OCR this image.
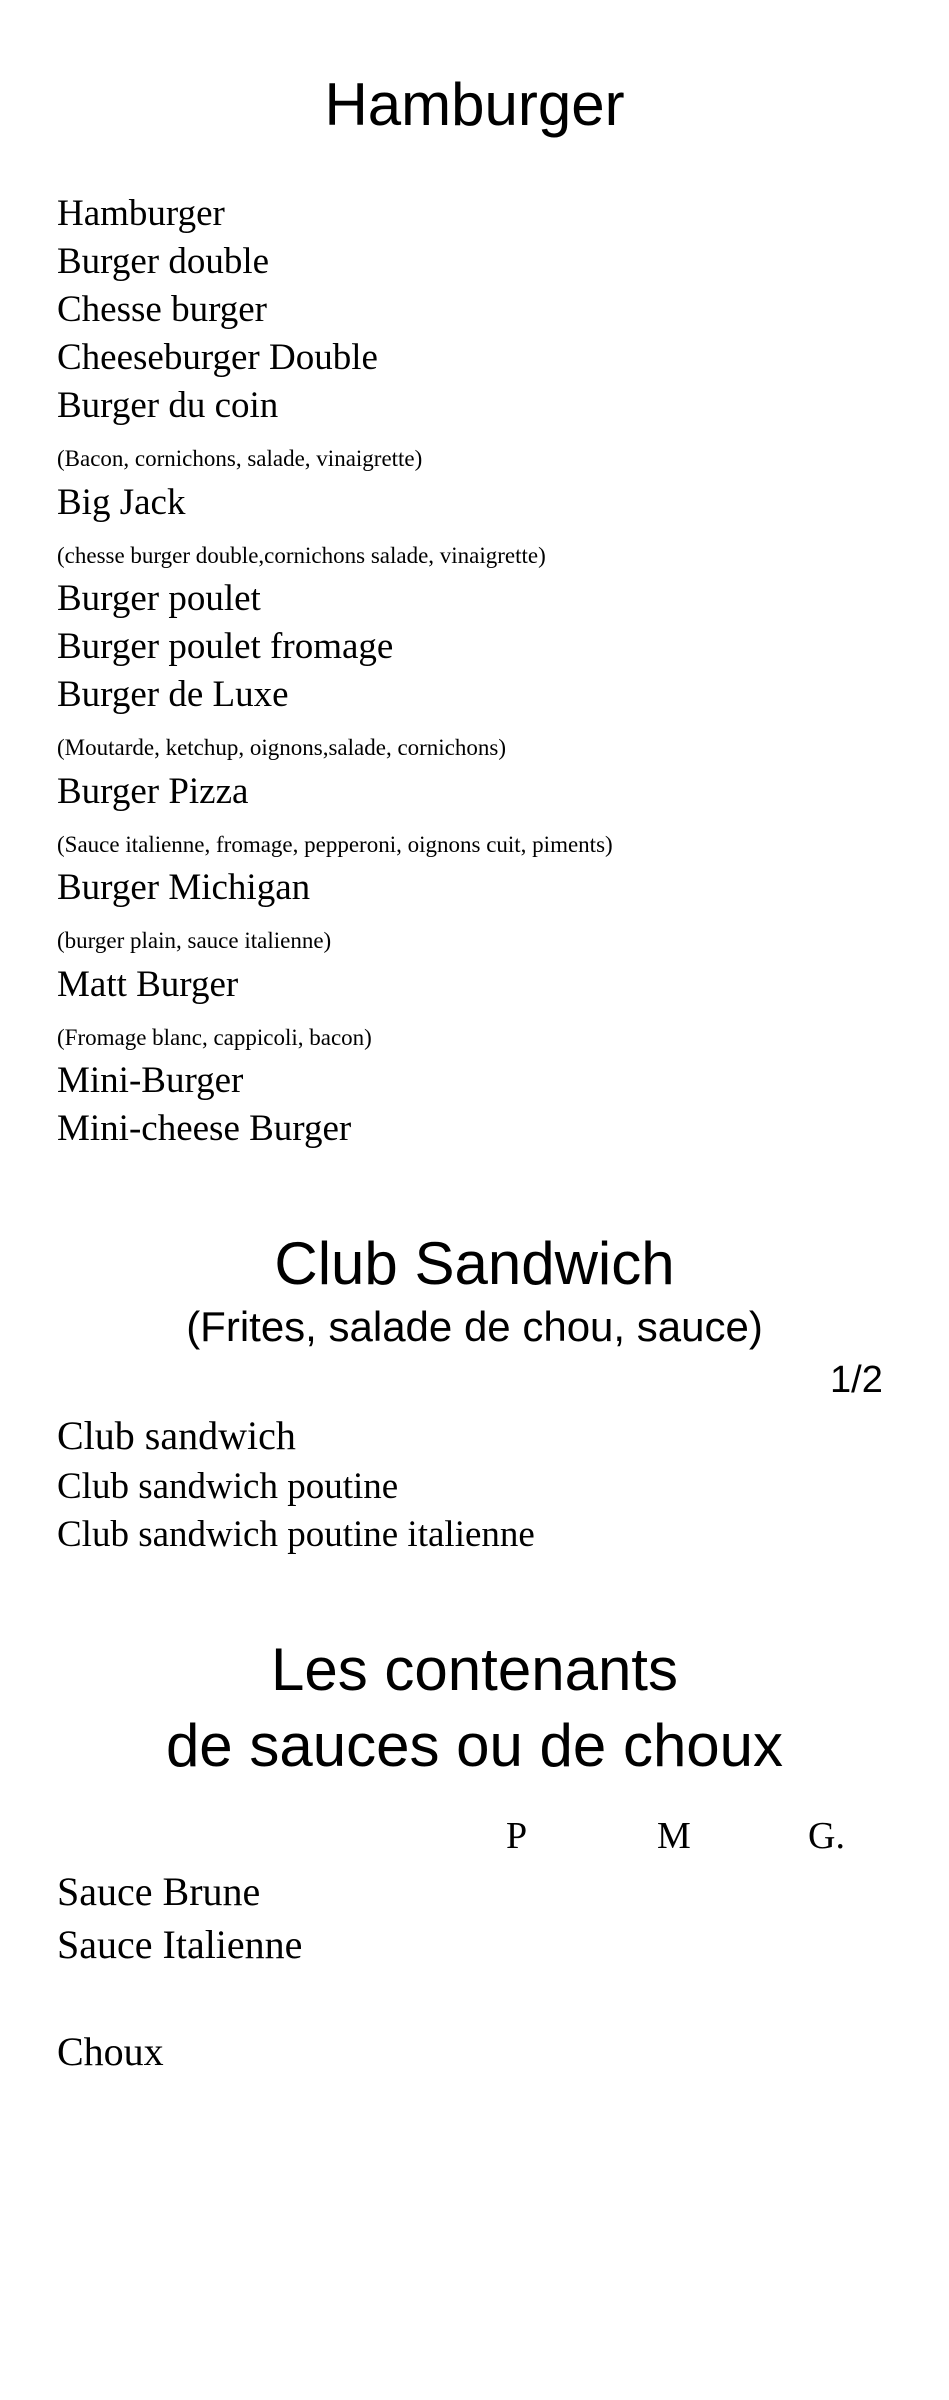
Hamburger
Hamburger
Burger double
Chesse burger
Cheeseburger Double
Burger du coin
(Bacon, cornichons, salade, vinaigrette)
Big Jack
(chesse burger double,cornichons salade, vinaigrette)
Burger poulet
Burger poulet fromage
Burger de Luxe
(Moutarde, ketchup, oignons,salade, cornichons)
Burger Pizza
(Sauce italienne, fromage, pepperoni, oignons cuit, piments)
Burger Michigan
(burger plain, sauce italienne)
Matt Burger
(Fromage blanc, cappicoli, bacon)
Mini-Burger
Mini-cheese Burger
Club Sandwich
(Frites, salade de chou, sauce)
1/2
Club sandwich
Club sandwich poutine
Club sandwich poutine italienne
Les contenants
de sauces ou de choux
P	M	G.
Sauce Brune
Sauce Italienne
Choux
